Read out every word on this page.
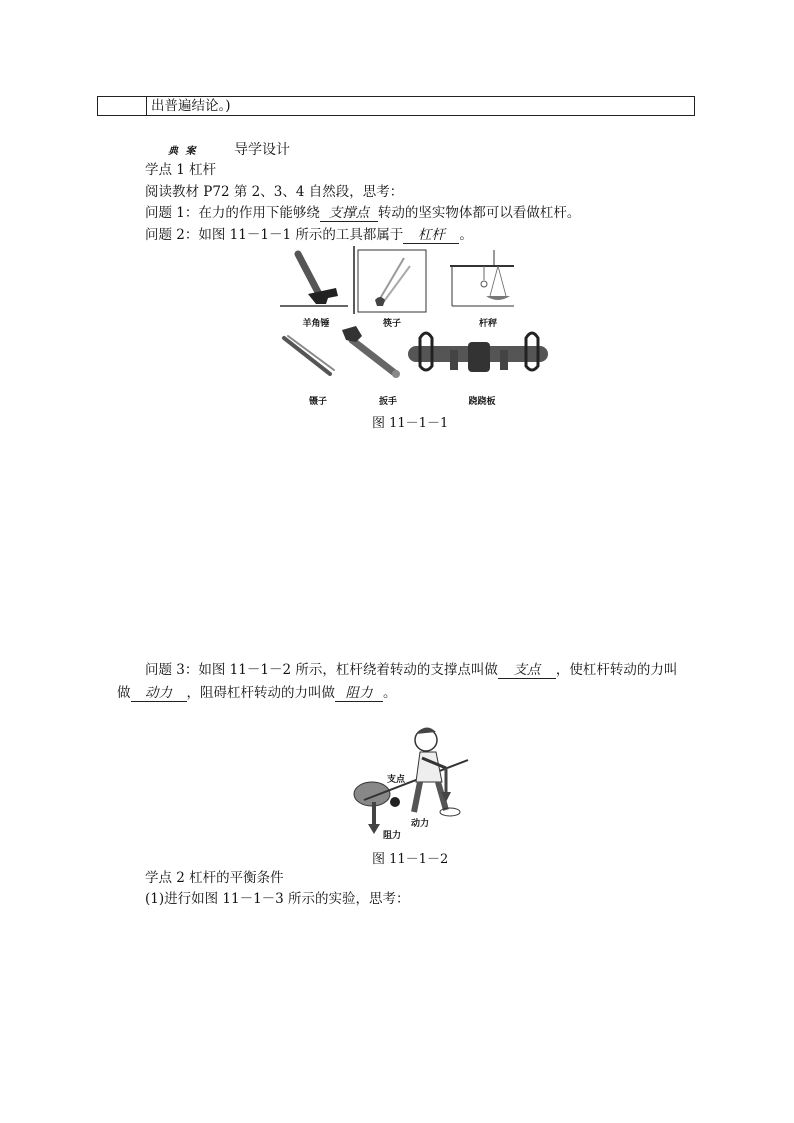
出普遍结论。)
典 案	导学设计
学点 1 杠杆
阅读教材 P72 第 2、3、4 自然段，思考：
问题 1：在力的作用下能够绕 支撑点 转动的坚实物体都可以看做杠杆。
问题 2：如图 11－1－1 所示的工具都属于 杠杆 。
羊角锤	筷子	杆秤
镊子	扳手	跷跷板
图 11－1－1
问题 3：如图 11－1－2 所示，杠杆绕着转动的支撑点叫做 支点 ，使杠杆转动的力叫
做 动力 ，阻碍杠杆转动的力叫做 阻力 。
支点
动力
阻力
图 11－1－2
学点 2 杠杆的平衡条件
(1)进行如图 11－1－3 所示的实验，思考：
